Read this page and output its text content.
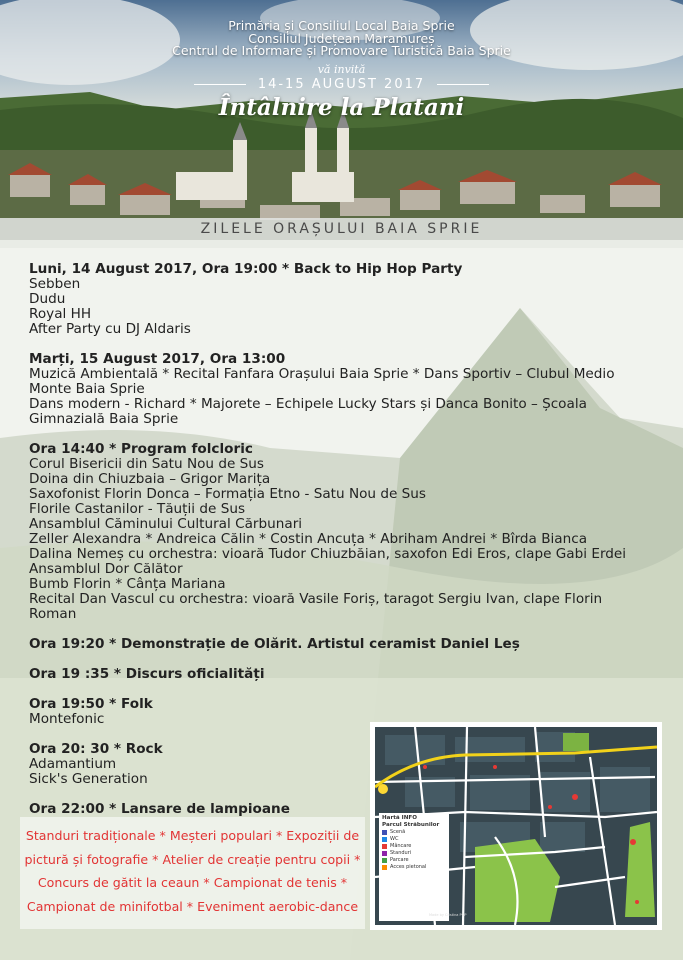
Primăria și Consiliul Local Baia Sprie
Consiliul Județean Maramureș
Centrul de Informare și Promovare Turistică Baia Sprie
vă invită
14-15 AUGUST 2017
Întâlnire la Platani
ZILELE ORAȘULUI BAIA SPRIE
Luni, 14 August 2017, Ora 19:00 * Back to Hip Hop Party
Sebben
Dudu
Royal HH
After Party cu DJ Aldaris
Marți, 15 August 2017, Ora 13:00
Muzică Ambientală * Recital Fanfara Orașului Baia Sprie * Dans Sportiv – Clubul Medio
Monte Baia Sprie
Dans modern - Richard * Majorete – Echipele Lucky Stars și Danca Bonito – Școala
Gimnazială Baia Sprie
Ora 14:40 * Program folcloric
Corul Bisericii din Satu Nou de Sus
Doina din Chiuzbaia – Grigor Marița
Saxofonist Florin Donca – Formația Etno - Satu Nou de Sus
Florile Castanilor - Tăuții de Sus
Ansamblul Căminului Cultural Cărbunari
Zeller Alexandra * Andreica Călin * Costin Ancuța * Abriham Andrei * Bîrda Bianca
Dalina Nemeș cu orchestra: vioară Tudor Chiuzbăian, saxofon Edi Eros, clape Gabi Erdei
Ansamblul Dor Călător
Bumb Florin * Cânța Mariana
Recital Dan Vascul cu orchestra: vioară Vasile Foriș, taragot Sergiu Ivan, clape Florin
Roman
Ora 19:20 * Demonstrație de Olărit. Artistul ceramist Daniel Leș
Ora 19 :35 * Discurs oficialități
Ora 19:50 * Folk
Montefonic
Ora 20: 30 * Rock
Adamantium
Sick's Generation
Ora 22:00 * Lansare de lampioane
Standuri tradiționale * Meșteri populari * Expoziții de
pictură și fotografie * Atelier de creație pentru copii *
Concurs de gătit la ceaun * Campionat de tenis *
Campionat de minifotbal * Eveniment aerobic-dance
Hartă INFO
Parcul Străbunilor
Scenă
WC
Mâncare
Standuri
Parcare
Acces pietonal
Made by Cristina POP
